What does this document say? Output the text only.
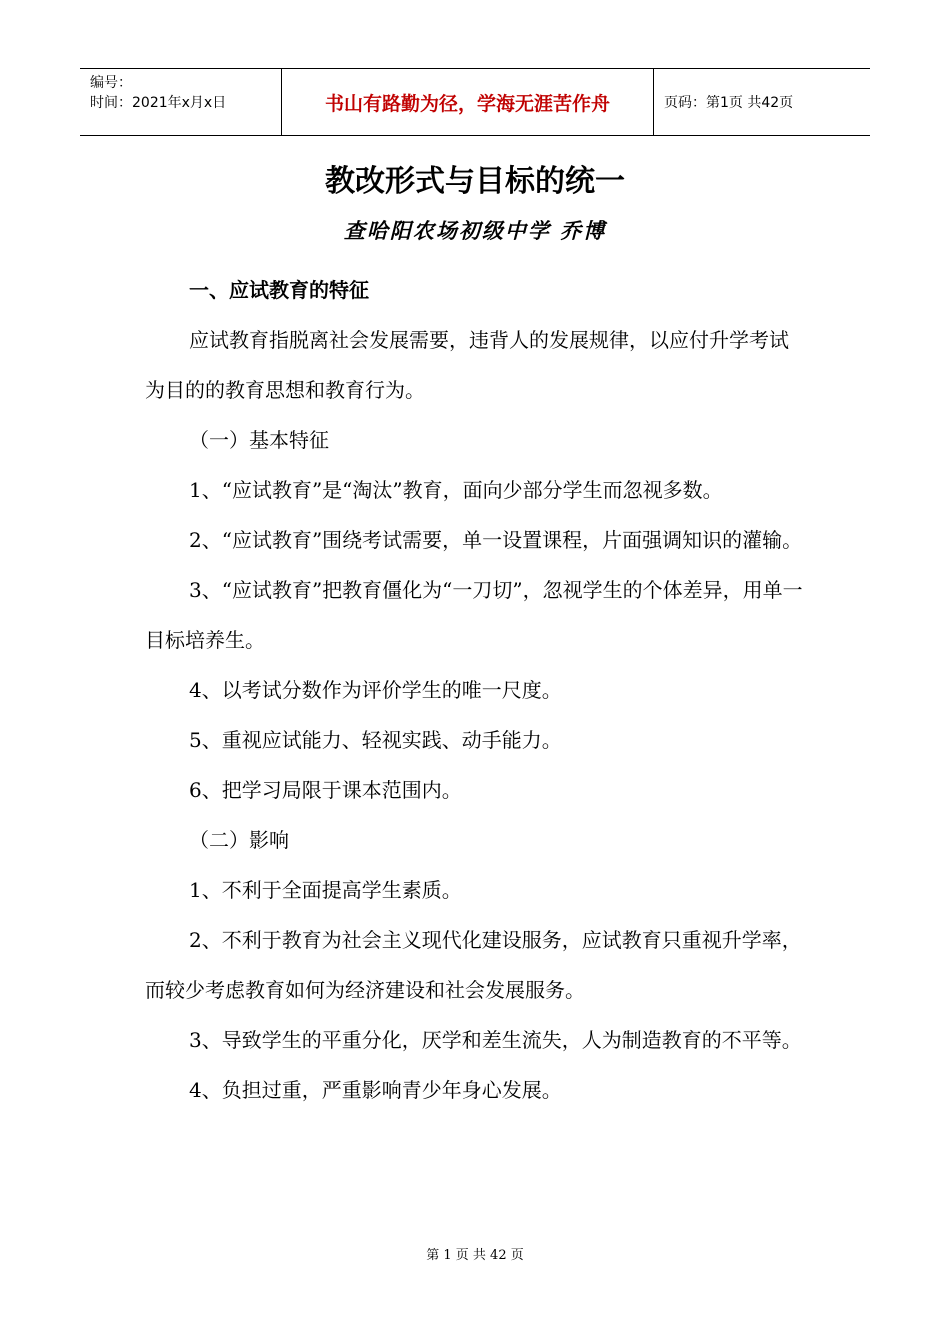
编号：
时间：2021年x月x日	书山有路勤为径，学海无涯苦作舟	页码：第1页 共42页
教改形式与目标的统一
查哈阳农场初级中学 乔博

一、应试教育的特征

应试教育指脱离社会发展需要，违背人的发展规律，以应付升学考试为目的的教育思想和教育行为。

（一）基本特征

1、“应试教育”是“淘汰”教育，面向少部分学生而忽视多数。

2、“应试教育”围绕考试需要，单一设置课程，片面强调知识的灌输。

3、“应试教育”把教育僵化为“一刀切”，忽视学生的个体差异，用单一目标培养生。

4、以考试分数作为评价学生的唯一尺度。

5、重视应试能力、轻视实践、动手能力。

6、把学习局限于课本范围内。

（二）影响

1、不利于全面提高学生素质。

2、不利于教育为社会主义现代化建设服务，应试教育只重视升学率，而较少考虑教育如何为经济建设和社会发展服务。

3、导致学生的平重分化，厌学和差生流失，人为制造教育的不平等。

4、负担过重，严重影响青少年身心发展。

第 1 页 共 42 页
